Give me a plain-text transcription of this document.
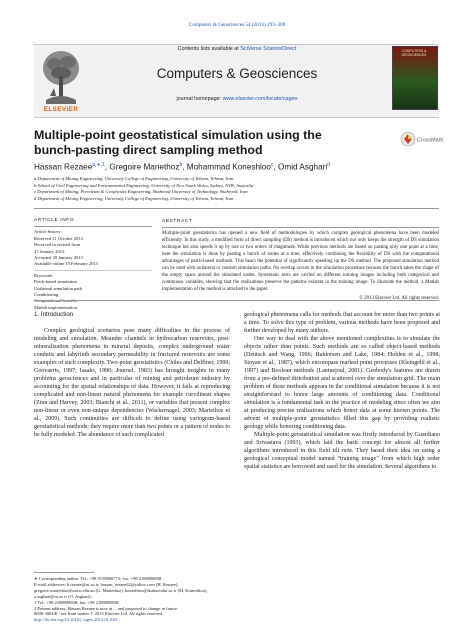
Computers & Geosciences 54 (2013) 293–308
ELSEVIER
Contents lists available at SciVerse ScienceDirect
Computers & Geosciences
journal homepage: www.elsevier.com/locate/cageo
COMPUTERS & GEOSCIENCES
Multiple-point geostatistical simulation using the bunch-pasting direct sampling method
CrossMark
Hassan Rezaee$^{a,∗,1}$, Gregoire Mariethoz$^b$, Mohammad Koneshloo$^c$, Omid Asghari$^d$
a Department of Mining Engineering, University College of Engineering, University of Tehran, Tehran, Iran
b School of Civil Engineering and Environmental Engineering, University of New South Wales, Sydney, NSW, Australia
c Department of Mining, Petroleum & Geophysics Engineering, Shahrood University of Technology, Shahrood, Iran
d Department of Mining Engineering, University College of Engineering, University of Tehran, Tehran, Iran
ARTICLE INFO
Article history:
Received 11 October 2012
Received in revised form
27 January 2013
Accepted 29 January 2013
Available online 15 February 2013
Keywords:
Patch-based simulation
Unilateral simulation path
Conditioning
Computational benefits
Matlab implementation
ABSTRACT
Multiple-point geostatistics has opened a new field of methodologies by which complex geological phenomena have been modeled efficiently. In this study, a modified form of direct sampling (DS) method is introduced which not only keeps the strength of DS simulation technique but also speeds it up by one or two orders of magnitude. While previous methods are based on pasting only one point at a time, here the simulation is done by pasting a bunch of nodes at a time, effectively combining the flexibility of DS with the computational advantages of patch-based methods. This bears the potential of significantly speeding up the DS method. The proposed simulation method can be used with unilateral or random simulation paths. No overlap occurs in the simulation procedure because the bunch takes the shape of the empty space around the simulated nodes. Systematic tests are carried on different training images including both categorical and continuous variables, showing that the realizations preserve the patterns existent in the training image. To illustrate the method, a Matlab implementation of the method is attached to the paper.
© 2013 Elsevier Ltd. All rights reserved.
1. Introduction

Complex geological scenarios pose many difficulties in the process of modeling and simulation. Meander channels in hydrocarbon reservoirs, post-mineralization phenomena in mineral deposits, complex underground water conduits and labyrinth secondary permeability in fractured reservoirs are some examples of such complexity. Two-point geostatistics (Chiles and Delfiner, 1999; Goovaerts, 1997; Isaaks, 1990; Journel, 1983) has brought insights in many problems geosciences and in particular of mining and petroleum industry by accounting for the spatial relationships of data. However, it fails at reproducing complicated and non-linear natural phenomena for example curvilinear shapes (Zinn and Harvey, 2003; Bianchi et al., 2011), or variables that present complex non-linear or even non-unique dependencies (Wackernagel, 2003; Mariethoz et al., 2009). Such continuities are difficult to define using variogram-based geostatistical methods; they require more than two points or a pattern of nodes to be fully modeled. The abundance of such complicated

geological phenomena calls for methods that account for more than two points at a time. To solve this type of problem, various methods have been proposed and further developed by many authors.

One way to deal with the above mentioned complexities is to simulate the objects rather than points. Such methods are so called object-based methods (Deutsch and Wang, 1996; Haldorsen and Lake, 1984; Holden et al., 1998; Stoyan et al., 1987), which encompass marked point processes (Kleingeld et al., 1997) and Boolean methods (Lantuejoul, 2001). Geobody's features are drawn from a pre-defined distribution and scattered over the simulation grid. The main problem of these methods appears in the conditional simulation because it is not straightforward to honor large amounts of conditioning data. Conditional simulation is a fundamental task in the practice of modeling since often we aim at producing precise realizations which honor data at some known points. The advent of multiple-point geostatistics filled this gap by providing realistic geology while honoring conditioning data.

Multiple-point geostatistical simulation was firstly introduced by Guardiano and Srivastava (1993), which laid the basic concept for almost all further algorithms introduced in this field till now. They based their idea on using a geological conceptual model named “training image” from which high order spatial statistics are borrowed and used for the simulation. Several algorithms to

∗ Corresponding author. Tel.: +98 9159860773; fax: +98 2188008838.
E-mail addresses: h.rezaee@ut.ac.ir, hassan_rezaee62@yahoo.com (H. Rezaee), gregoire.mariethoz@unsw.edu.au (G. Mariethoz), koneshloo@shahroodut.ac.ir (M. Koneshloo), o.asghari@ut.ac.ir (O. Asghari).
1 Tel.: +98 2188008838; fax: +98 2188008838.
2 Present address: Hassan Rezaee is now at ... and proposed to change in future.
0098-3004/$ - see front matter © 2013 Elsevier Ltd. All rights reserved.
http://dx.doi.org/10.1016/j.cageo.2013.01.020
